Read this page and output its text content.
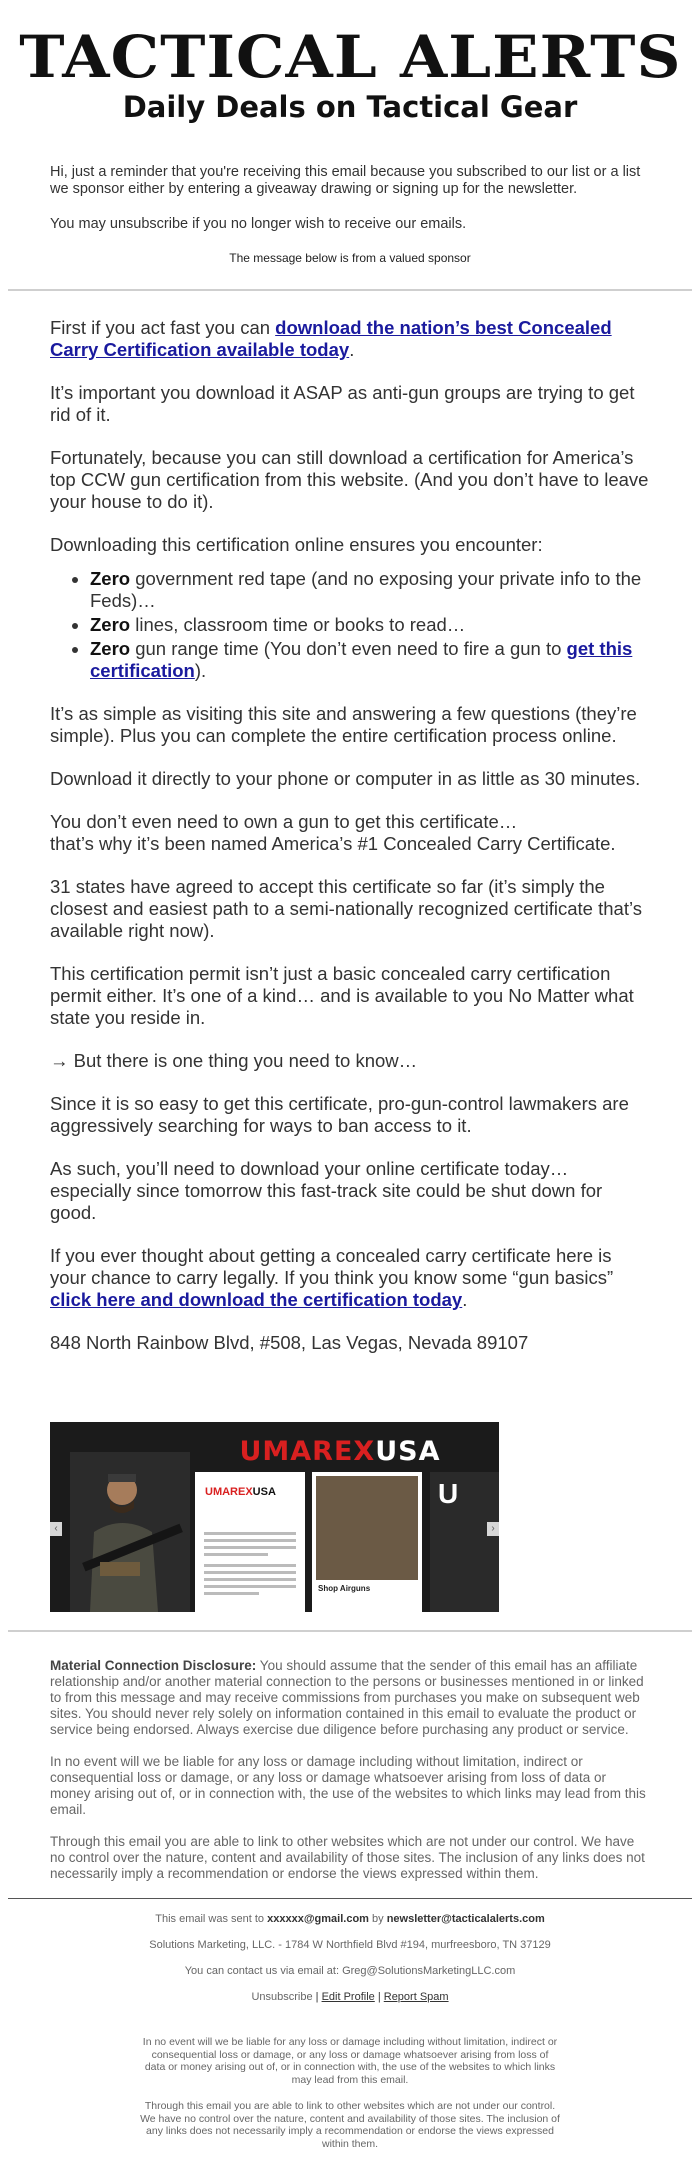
TACTICAL ALERTS
Daily Deals on Tactical Gear

Hi, just a reminder that you're receiving this email because you subscribed to our list or a list we sponsor either by entering a giveaway drawing or signing up for the newsletter.

You may unsubscribe if you no longer wish to receive our emails.

The message below is from a valued sponsor

First if you act fast you can download the nation’s best Concealed Carry Certification available today.

It’s important you download it ASAP as anti-gun groups are trying to get rid of it.

Fortunately, because you can still download a certification for America’s top CCW gun certification from this website. (And you don’t have to leave your house to do it).

Downloading this certification online ensures you encounter:

• Zero government red tape (and no exposing your private info to the Feds)…
• Zero lines, classroom time or books to read…
• Zero gun range time (You don’t even need to fire a gun to get this certification).

It’s as simple as visiting this site and answering a few questions (they’re simple). Plus you can complete the entire certification process online.

Download it directly to your phone or computer in as little as 30 minutes.

You don’t even need to own a gun to get this certificate…
that’s why it’s been named America’s #1 Concealed Carry Certificate.

31 states have agreed to accept this certificate so far (it’s simply the closest and easiest path to a semi-nationally recognized certificate that’s available right now).

This certification permit isn’t just a basic concealed carry certification permit either. It’s one of a kind… and is available to you No Matter what state you reside in.

→ But there is one thing you need to know…

Since it is so easy to get this certificate, pro-gun-control lawmakers are aggressively searching for ways to ban access to it.

As such, you’ll need to download your online certificate today… especially since tomorrow this fast-track site could be shut down for good.

If you ever thought about getting a concealed carry certificate here is your chance to carry legally. If you think you know some “gun basics” click here and download the certification today.

848 North Rainbow Blvd, #508, Las Vegas, Nevada 89107

UMAREXUSA
UMAREXUSA
Shop Airguns
U
‹	›

Material Connection Disclosure: You should assume that the sender of this email has an affiliate relationship and/or another material connection to the persons or businesses mentioned in or linked to from this message and may receive commissions from purchases you make on subsequent web sites. You should never rely solely on information contained in this email to evaluate the product or service being endorsed. Always exercise due diligence before purchasing any product or service.

In no event will we be liable for any loss or damage including without limitation, indirect or consequential loss or damage, or any loss or damage whatsoever arising from loss of data or money arising out of, or in connection with, the use of the websites to which links may lead from this email.

Through this email you are able to link to other websites which are not under our control. We have no control over the nature, content and availability of those sites. The inclusion of any links does not necessarily imply a recommendation or endorse the views expressed within them.

This email was sent to xxxxxx@gmail.com by newsletter@tacticalalerts.com

Solutions Marketing, LLC. - 1784 W Northfield Blvd #194, murfreesboro, TN 37129

You can contact us via email at: Greg@SolutionsMarketingLLC.com

Unsubscribe | Edit Profile | Report Spam

In no event will we be liable for any loss or damage including without limitation, indirect or consequential loss or damage, or any loss or damage whatsoever arising from loss of data or money arising out of, or in connection with, the use of the websites to which links may lead from this email.

Through this email you are able to link to other websites which are not under our control. We have no control over the nature, content and availability of those sites. The inclusion of any links does not necessarily imply a recommendation or endorse the views expressed within them.
